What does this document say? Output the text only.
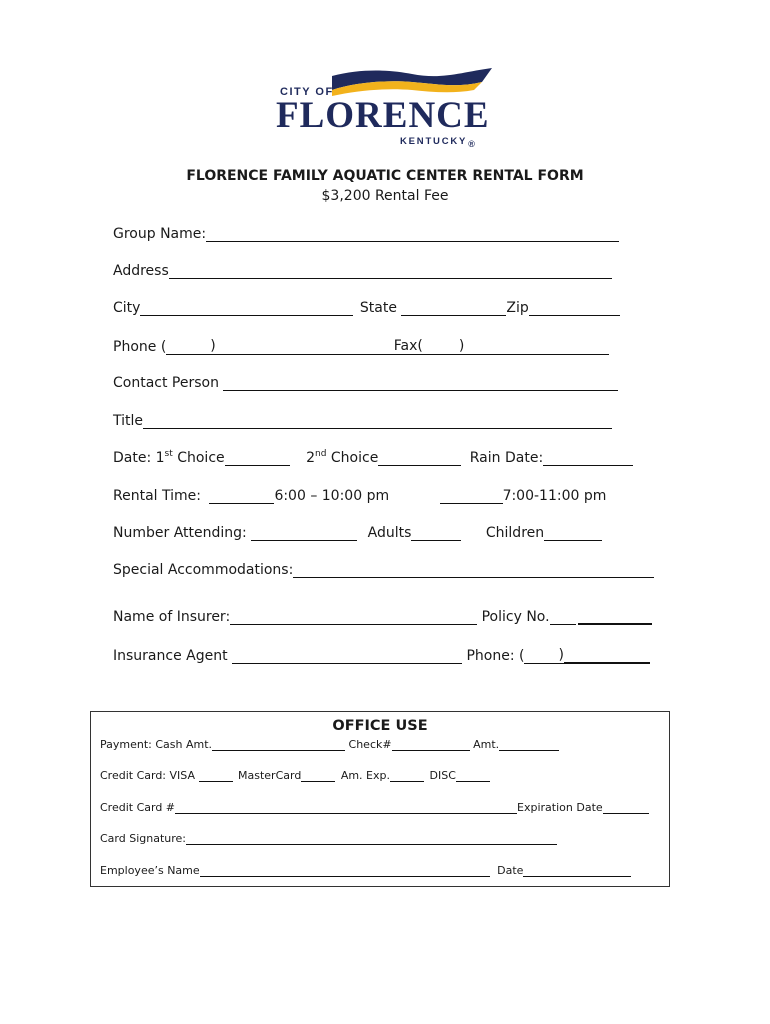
CITY OF
FLORENCE
KENTUCKY®
FLORENCE FAMILY AQUATIC CENTER RENTAL FORM
$3,200 Rental Fee
Group Name:
Address
City	State	Zip
Phone (	)	Fax(	)
Contact Person
Title
Date: 1st Choice	2nd Choice	Rain Date:
Rental Time:	6:00 – 10:00 pm	7:00-11:00 pm
Number Attending:	Adults	Children
Special Accommodations:
Name of Insurer:	Policy No.
Insurance Agent	Phone: ( )
OFFICE USE
Payment: Cash Amt.	Check#	Amt.
Credit Card: VISA	MasterCard	Am. Exp.	DISC
Credit Card #	Expiration Date
Card Signature:
Employee’s Name	Date
